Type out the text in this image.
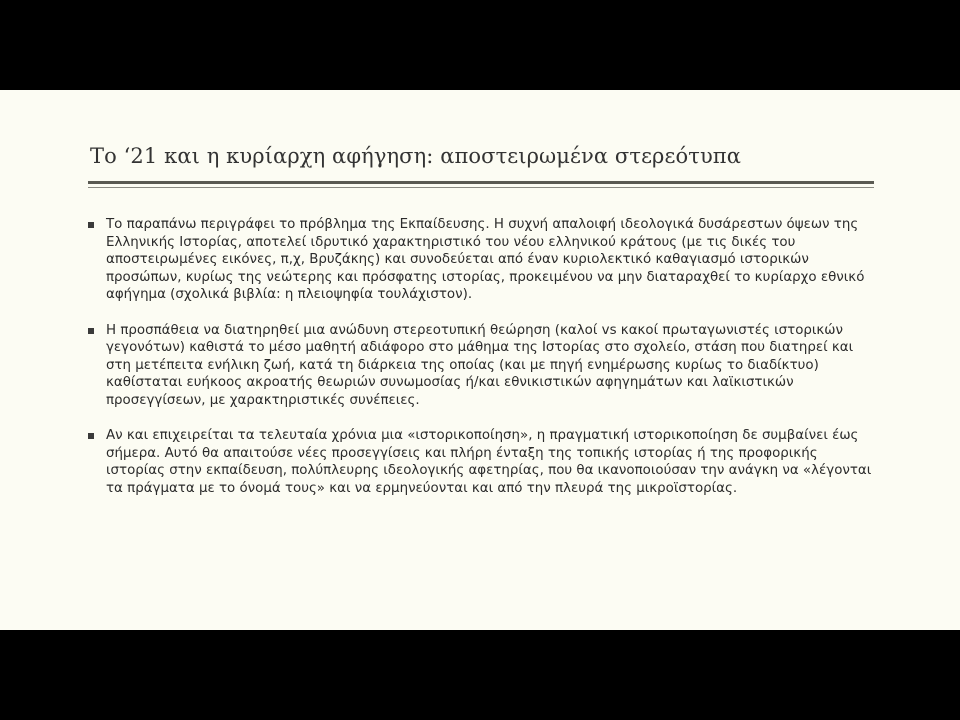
Το ‘21 και η κυρίαρχη αφήγηση: αποστειρωμένα στερεότυπα
Το παραπάνω περιγράφει το πρόβλημα της Εκπαίδευσης. Η συχνή απαλοιφή ιδεολογικά δυσάρεστων όψεων της Ελληνικής Ιστορίας, αποτελεί ιδρυτικό χαρακτηριστικό του νέου ελληνικού κράτους (με τις δικές του αποστειρωμένες εικόνες, π,χ, Βρυζάκης) και συνοδεύεται από έναν κυριολεκτικό καθαγιασμό ιστορικών προσώπων, κυρίως της νεώτερης και πρόσφατης ιστορίας, προκειμένου να μην διαταραχθεί το κυρίαρχο εθνικό αφήγημα (σχολικά βιβλία: η πλειοψηφία τουλάχιστον).
Η προσπάθεια να διατηρηθεί μια ανώδυνη στερεοτυπική θεώρηση (καλοί vs κακοί πρωταγωνιστές ιστορικών γεγονότων) καθιστά το μέσο μαθητή αδιάφορο στο μάθημα της Ιστορίας στο σχολείο, στάση που διατηρεί και στη μετέπειτα ενήλικη ζωή, κατά τη διάρκεια της οποίας (και με πηγή ενημέρωσης κυρίως το διαδίκτυο) καθίσταται ευήκοος ακροατής θεωριών συνωμοσίας ή/και εθνικιστικών αφηγημάτων και λαϊκιστικών προσεγγίσεων, με χαρακτηριστικές συνέπειες.
Αν και επιχειρείται τα τελευταία χρόνια μια «ιστορικοποίηση», η πραγματική ιστορικοποίηση δε συμβαίνει έως σήμερα. Αυτό θα απαιτούσε νέες προσεγγίσεις και πλήρη ένταξη της τοπικής ιστορίας ή της προφορικής ιστορίας στην εκπαίδευση, πολύπλευρης ιδεολογικής αφετηρίας, που θα ικανοποιούσαν την ανάγκη να «λέγονται τα πράγματα με το όνομά τους» και να ερμηνεύονται και από την πλευρά της μικροϊστορίας.
